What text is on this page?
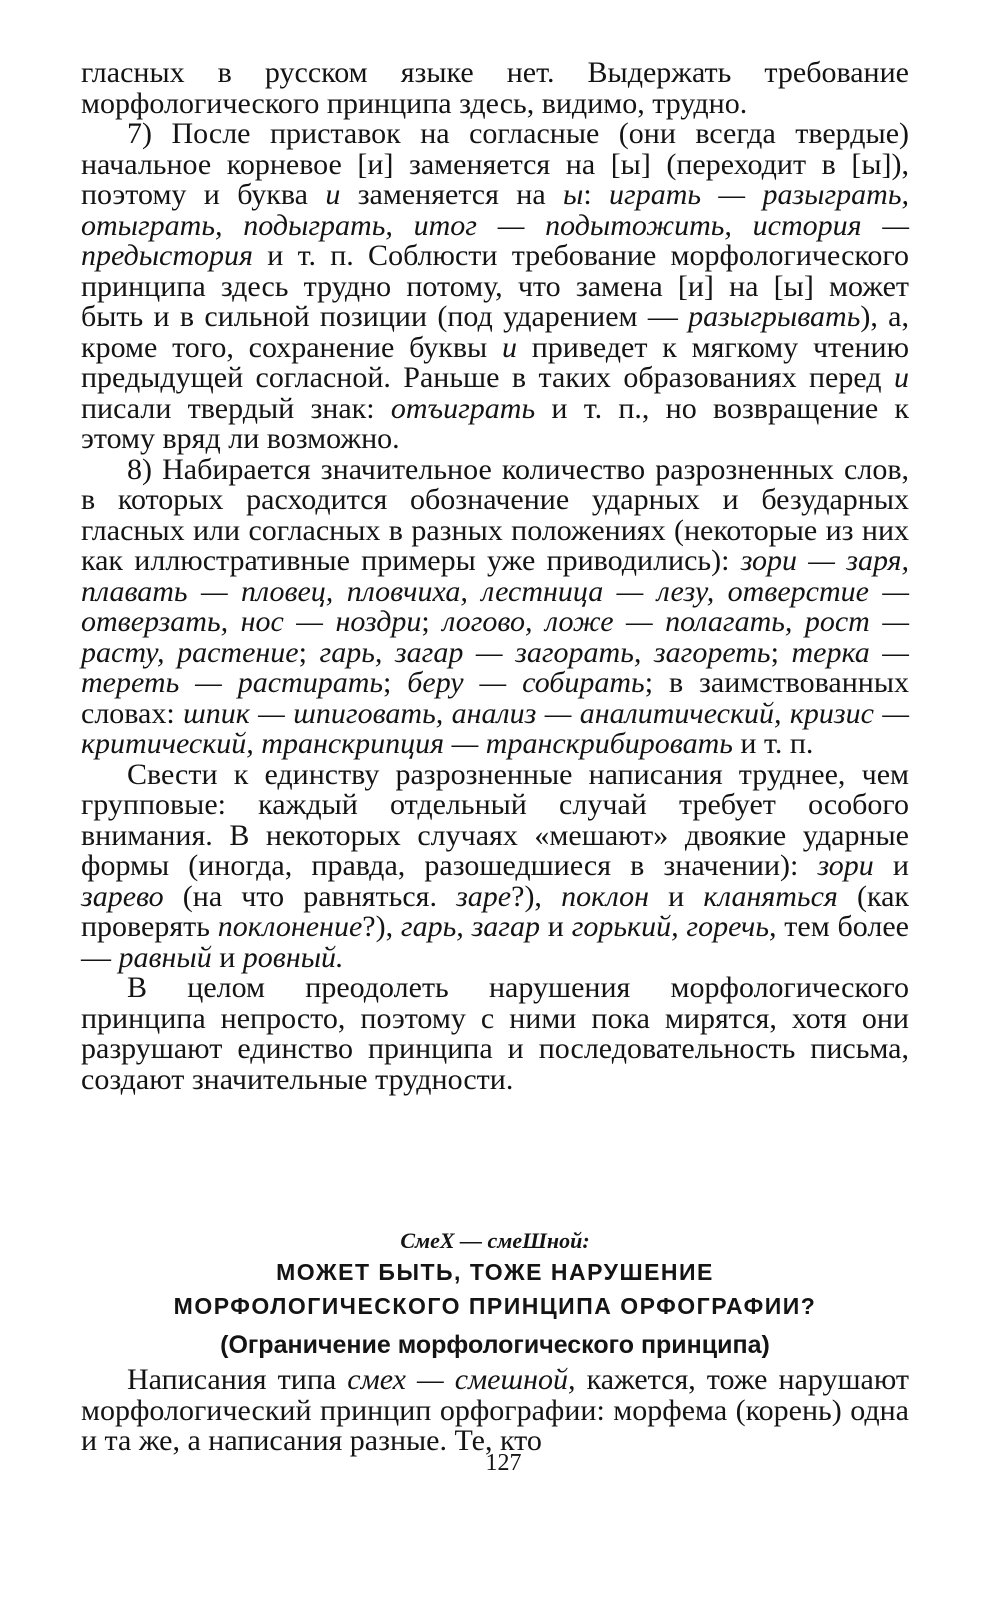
гласных в русском языке нет. Выдержать требование морфологического принципа здесь, видимо, трудно.

7) После приставок на согласные (они всегда твердые) начальное корневое [и] заменяется на [ы] (переходит в [ы]), поэтому и буква и заменяется на ы: играть — разыграть, отыграть, подыграть, итог — подытожить, история — предыстория и т. п. Соблюсти требование морфологического принципа здесь трудно потому, что замена [и] на [ы] может быть и в сильной позиции (под ударением — разыгрывать), а, кроме того, сохранение буквы и приведет к мягкому чтению предыдущей согласной. Раньше в таких образованиях перед и писали твердый знак: отъиграть и т. п., но возвращение к этому вряд ли возможно.

8) Набирается значительное количество разрозненных слов, в которых расходится обозначение ударных и безударных гласных или согласных в разных положениях (некоторые из них как иллюстративные примеры уже приводились): зори — заря, плавать — пловец, пловчиха, лестница — лезу, отверстие — отверзать, нос — ноздри; логово, ложе — полагать, рост — расту, растение; гарь, загар — загорать, загореть; терка — тереть — растирать; беру — собирать; в заимствованных словах: шпик — шпиговать, анализ — аналитический, кризис — критический, транскрипция — транскрибировать и т. п.

Свести к единству разрозненные написания труднее, чем групповые: каждый отдельный случай требует особого внимания. В некоторых случаях «мешают» двоякие ударные формы (иногда, правда, разошедшиеся в значении): зори и зарево (на что равняться. заре?), поклон и кланяться (как проверять поклонение?), гарь, загар и горький, горечь, тем более — равный и ровный.

В целом преодолеть нарушения морфологического принципа непросто, поэтому с ними пока мирятся, хотя они разрушают единство принципа и последовательность письма, создают значительные трудности.

СмеХ — смеШной:
МОЖЕТ БЫТЬ, ТОЖЕ НАРУШЕНИЕ
МОРФОЛОГИЧЕСКОГО ПРИНЦИПА ОРФОГРАФИИ?
(Ограничение морфологического принципа)

Написания типа смех — смешной, кажется, тоже нарушают морфологический принцип орфографии: морфема (корень) одна и та же, а написания разные. Те, кто

127
